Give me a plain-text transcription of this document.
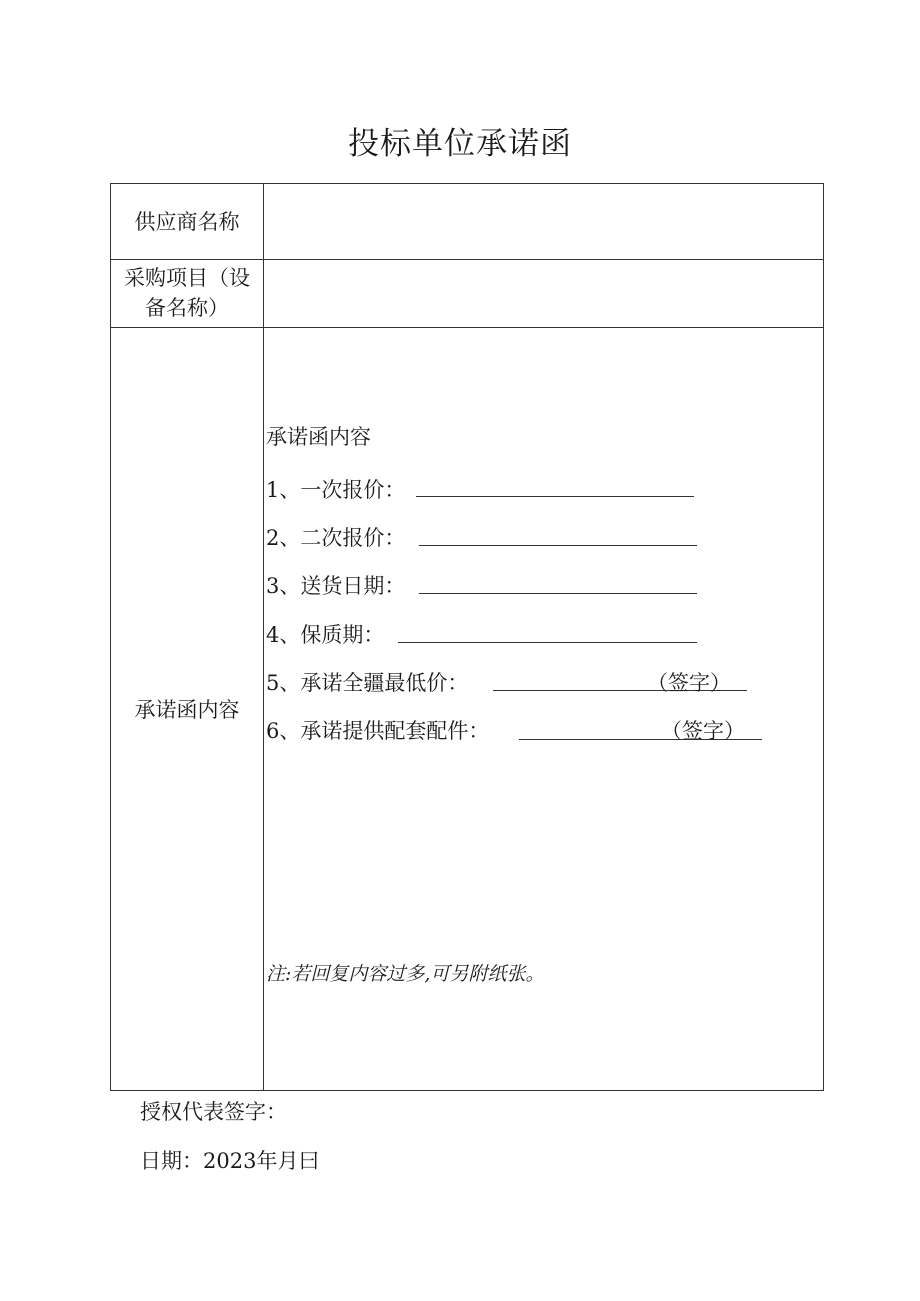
投标单位承诺函
供应商名称
采购项目（设
备名称）
承诺函内容
承诺函内容
1、一次报价：
2、二次报价：
3、送货日期：
4、保质期：
5、承诺全疆最低价：	（签字）
6、承诺提供配套配件：	（签字）
注:若回复内容过多,可另附纸张。
授权代表签字：
日期：2023年月曰
